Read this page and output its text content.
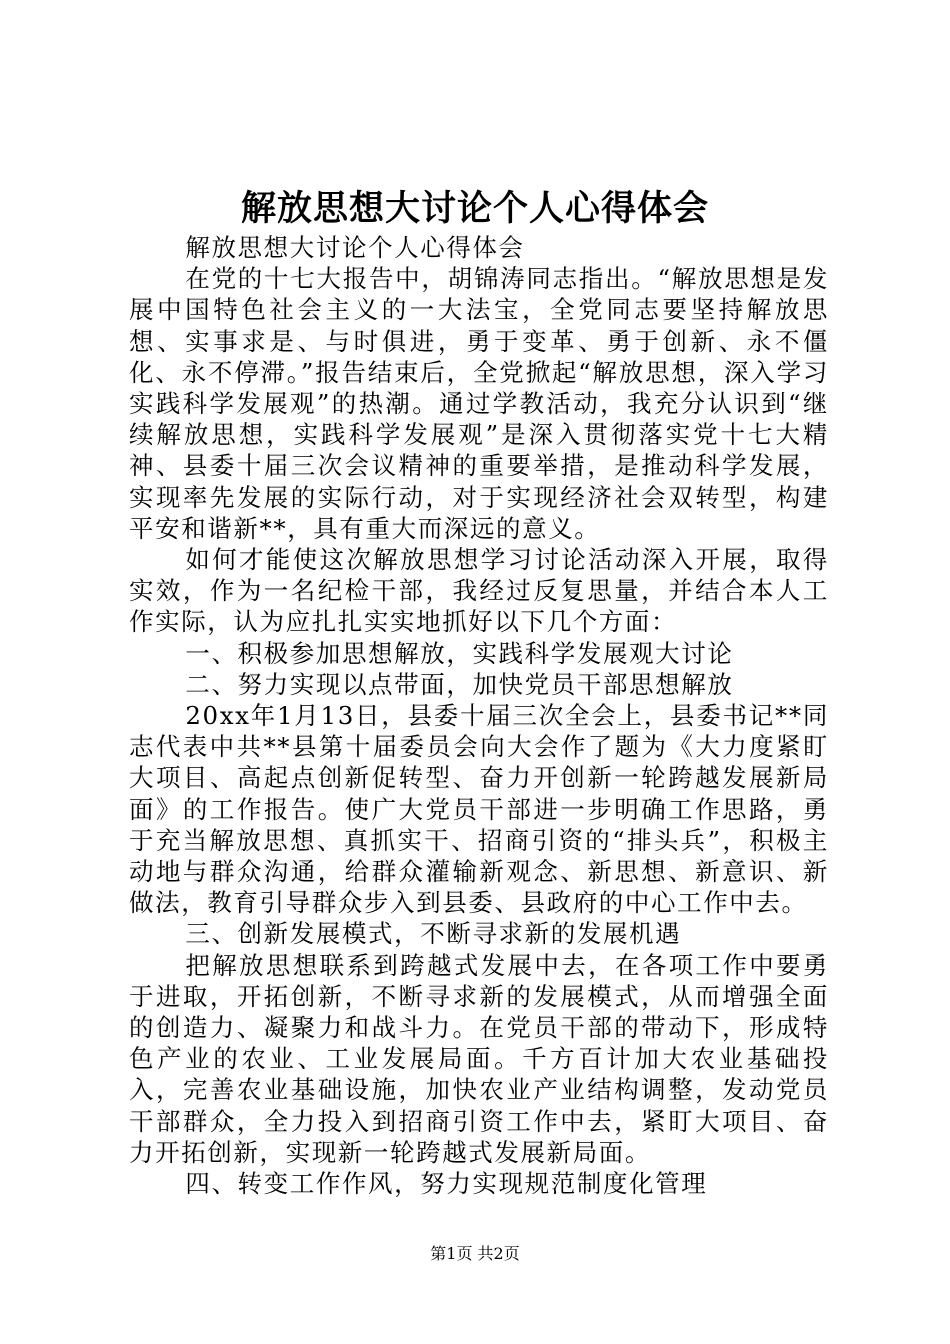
解放思想大讨论个人心得体会

解放思想大讨论个人心得体会

在党的十七大报告中，胡锦涛同志指出。“解放思想是发展中国特色社会主义的一大法宝，全党同志要坚持解放思想、实事求是、与时俱进，勇于变革、勇于创新、永不僵化、永不停滞。”报告结束后，全党掀起“解放思想，深入学习实践科学发展观”的热潮。通过学教活动，我充分认识到“继续解放思想，实践科学发展观”是深入贯彻落实党十七大精神、县委十届三次会议精神的重要举措，是推动科学发展，实现率先发展的实际行动，对于实现经济社会双转型，构建平安和谐新**，具有重大而深远的意义。

如何才能使这次解放思想学习讨论活动深入开展，取得实效，作为一名纪检干部，我经过反复思量，并结合本人工作实际，认为应扎扎实实地抓好以下几个方面：

一、积极参加思想解放，实践科学发展观大讨论

二、努力实现以点带面，加快党员干部思想解放

20xx年1月13日，县委十届三次全会上，县委书记**同志代表中共**县第十届委员会向大会作了题为《大力度紧盯大项目、高起点创新促转型、奋力开创新一轮跨越发展新局面》的工作报告。使广大党员干部进一步明确工作思路，勇于充当解放思想、真抓实干、招商引资的“排头兵”，积极主动地与群众沟通，给群众灌输新观念、新思想、新意识、新做法，教育引导群众步入到县委、县政府的中心工作中去。

三、创新发展模式，不断寻求新的发展机遇

把解放思想联系到跨越式发展中去，在各项工作中要勇于进取，开拓创新，不断寻求新的发展模式，从而增强全面的创造力、凝聚力和战斗力。在党员干部的带动下，形成特色产业的农业、工业发展局面。千方百计加大农业基础投入，完善农业基础设施，加快农业产业结构调整，发动党员干部群众，全力投入到招商引资工作中去，紧盯大项目、奋力开拓创新，实现新一轮跨越式发展新局面。

四、转变工作作风，努力实现规范制度化管理

第1页 共2页
